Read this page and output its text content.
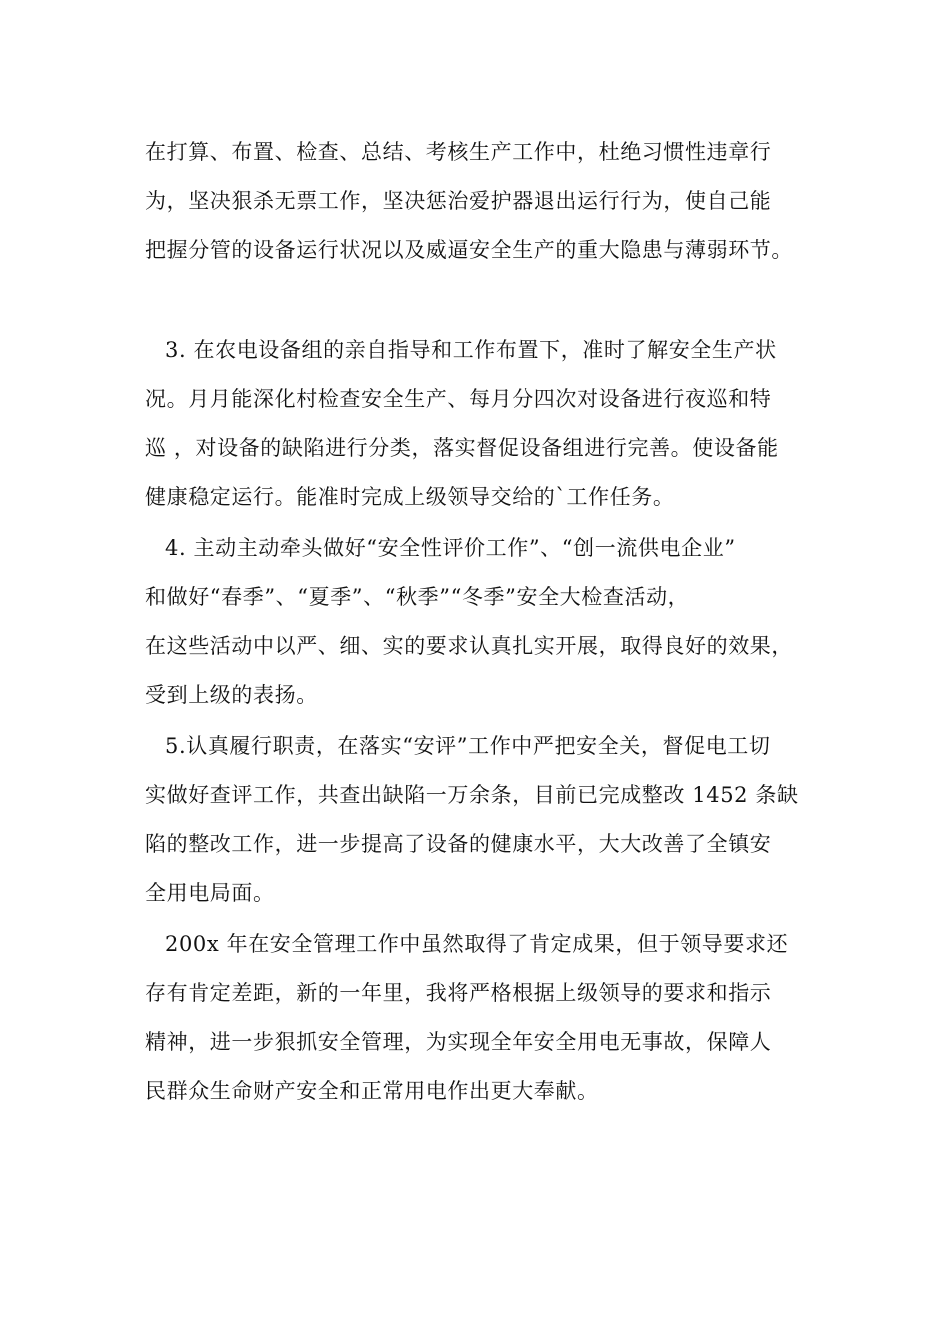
在打算、布置、检查、总结、考核生产工作中，杜绝习惯性违章行
为，坚决狠杀无票工作，坚决惩治爱护器退出运行行为，使自己能
把握分管的设备运行状况以及威逼安全生产的重大隐患与薄弱环节。
3. 在农电设备组的亲自指导和工作布置下，准时了解安全生产状
况。月月能深化村检查安全生产、每月分四次对设备进行夜巡和特
巡 ，对设备的缺陷进行分类，落实督促设备组进行完善。使设备能
健康稳定运行。能准时完成上级领导交给的`工作任务。
4. 主动主动牵头做好“安全性评价工作”、“创一流供电企业”
和做好“春季”、“夏季”、“秋季”“冬季”安全大检查活动，
在这些活动中以严、细、实的要求认真扎实开展，取得良好的效果，
受到上级的表扬。
5.认真履行职责，在落实“安评”工作中严把安全关，督促电工切
实做好查评工作，共查出缺陷一万余条，目前已完成整改 1452 条缺
陷的整改工作，进一步提高了设备的健康水平，大大改善了全镇安
全用电局面。
200x 年在安全管理工作中虽然取得了肯定成果，但于领导要求还
存有肯定差距，新的一年里，我将严格根据上级领导的要求和指示
精神，进一步狠抓安全管理，为实现全年安全用电无事故，保障人
民群众生命财产安全和正常用电作出更大奉献。
